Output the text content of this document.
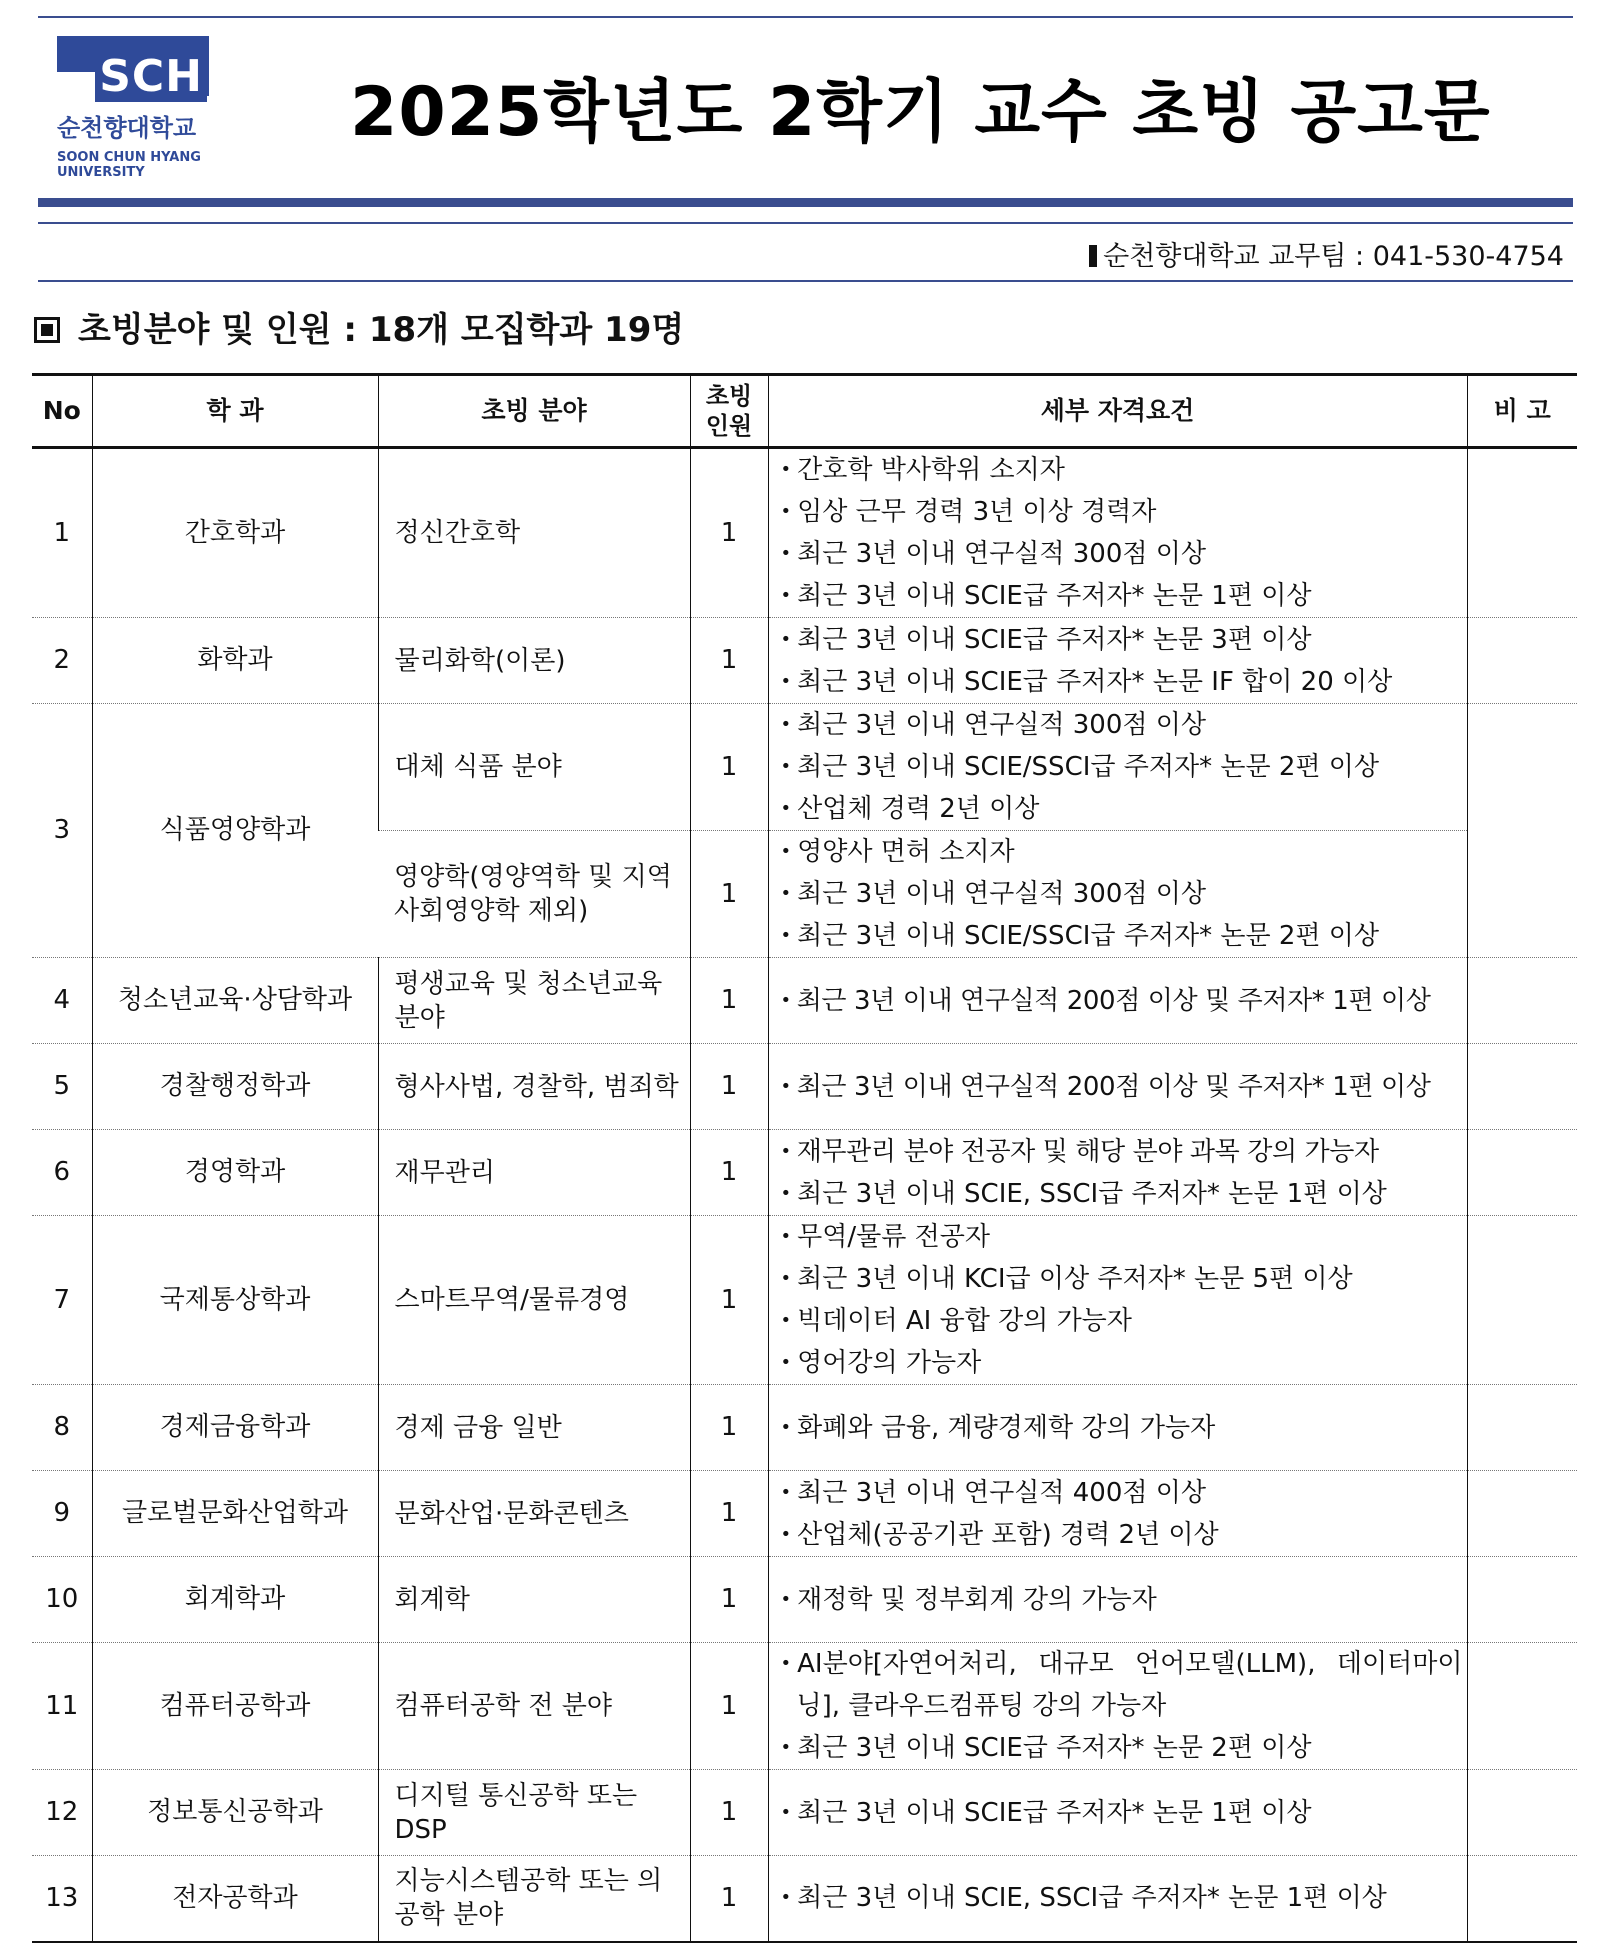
SCH
순천향대학교
SOON CHUN HYANG
UNIVERSITY
2025학년도 2학기 교수 초빙 공고문
순천향대학교 교무팀 : 041-530-4754
초빙분야 및 인원 : 18개 모집학과 19명
No	학 과	초빙 분야	초빙 인원	세부 자격요건	비 고
1	간호학과	정신간호학	1	• 간호학 박사학위 소지자
• 임상 근무 경력 3년 이상 경력자
• 최근 3년 이내 연구실적 300점 이상
• 최근 3년 이내 SCIE급 주저자* 논문 1편 이상

2	화학과	물리화학(이론)	1	• 최근 3년 이내 SCIE급 주저자* 논문 3편 이상
• 최근 3년 이내 SCIE급 주저자* 논문 IF 합이 20 이상

3	식품영양학과	대체 식품 분야	1	• 최근 3년 이내 연구실적 300점 이상
• 최근 3년 이내 SCIE/SSCI급 주저자* 논문 2편 이상
• 산업체 경력 2년 이상

		영양학(영양역학 및 지역사회영양학 제외)	1	• 영양사 면허 소지자
• 최근 3년 이내 연구실적 300점 이상
• 최근 3년 이내 SCIE/SSCI급 주저자* 논문 2편 이상

4	청소년교육·상담학과	평생교육 및 청소년교육 분야	1	• 최근 3년 이내 연구실적 200점 이상 및 주저자* 1편 이상

5	경찰행정학과	형사사법, 경찰학, 범죄학	1	• 최근 3년 이내 연구실적 200점 이상 및 주저자* 1편 이상

6	경영학과	재무관리	1	• 재무관리 분야 전공자 및 해당 분야 과목 강의 가능자
• 최근 3년 이내 SCIE, SSCI급 주저자* 논문 1편 이상

7	국제통상학과	스마트무역/물류경영	1	• 무역/물류 전공자
• 최근 3년 이내 KCI급 이상 주저자* 논문 5편 이상
• 빅데이터 AI 융합 강의 가능자
• 영어강의 가능자

8	경제금융학과	경제 금융 일반	1	• 화폐와 금융, 계량경제학 강의 가능자

9	글로벌문화산업학과	문화산업·문화콘텐츠	1	• 최근 3년 이내 연구실적 400점 이상
• 산업체(공공기관 포함) 경력 2년 이상

10	회계학과	회계학	1	• 재정학 및 정부회계 강의 가능자

11	컴퓨터공학과	컴퓨터공학 전 분야	1	• AI분야[자연어처리, 대규모 언어모델(LLM), 데이터마이닝], 클라우드컴퓨팅 강의 가능자
• 최근 3년 이내 SCIE급 주저자* 논문 2편 이상

12	정보통신공학과	디지털 통신공학 또는 DSP	1	• 최근 3년 이내 SCIE급 주저자* 논문 1편 이상

13	전자공학과	지능시스템공학 또는 의공학 분야	1	• 최근 3년 이내 SCIE, SSCI급 주저자* 논문 1편 이상
